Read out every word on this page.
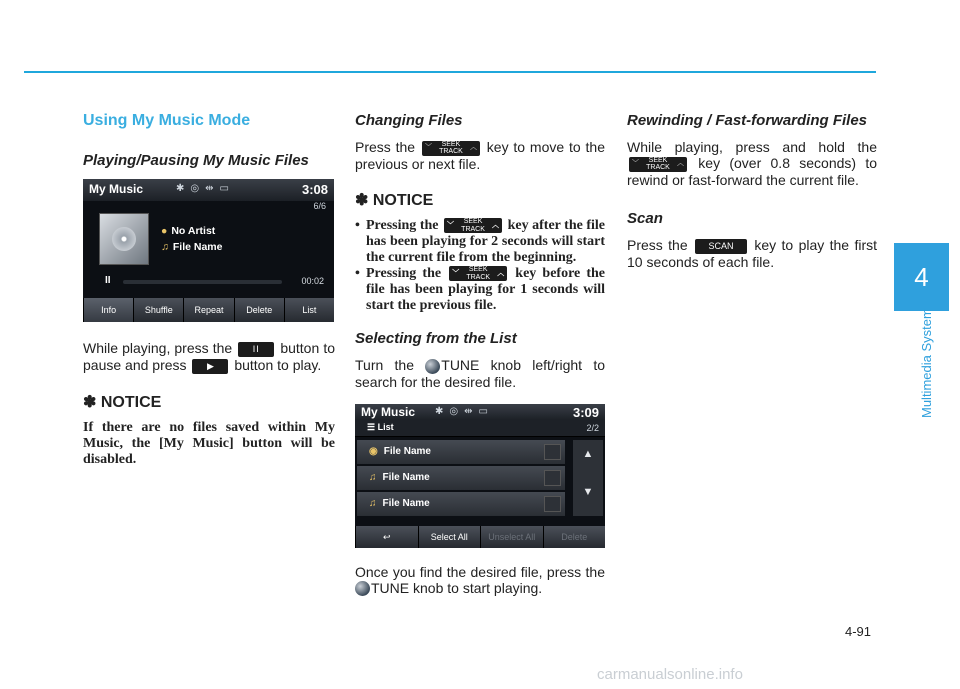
Using My Music Mode
Playing/Pausing My Music Files
My Music	✱◎⇹▭	3:08
6/6
● No Artist
♫ File Name
II	00:02
Info	Shuffle	Repeat	Delete	List
While playing, press the II button to pause and press ▶ button to play.
✽ NOTICE
If there are no files saved within My Music, the [My Music] button will be disabled.
Changing Files
Press the ﹀	SEEK
TRACK
︿ key to move to the previous or next file.
✽ NOTICE
• Pressing the ﹀	SEEK
TRACK	︿ key after the file has been playing for 2 seconds will start the current file from the beginning.
• Pressing the ﹀	SEEK
TRACK	︿ key before the file has been playing for 1 seconds will start the previous file.
Selecting from the List
Turn the TUNE knob left/right to search for the desired file.
My Music ✱◎⇹▭	3:09
☰ List	2/2
◉ File Name
♫ File Name
♫ File Name
▲
▼
↩	Select All	Unselect All	Delete
Once you find the desired file, press the TUNE knob to start playing.
Rewinding / Fast-forwarding Files
While playing, press and hold the
﹀	SEEK
TRACK
︿ key (over 0.8 seconds) to rewind or fast-forward the current file.
Scan
Press the SCAN key to play the first 10 seconds of each file.
4
Multimedia System
4-91
carmanualsonline.info
